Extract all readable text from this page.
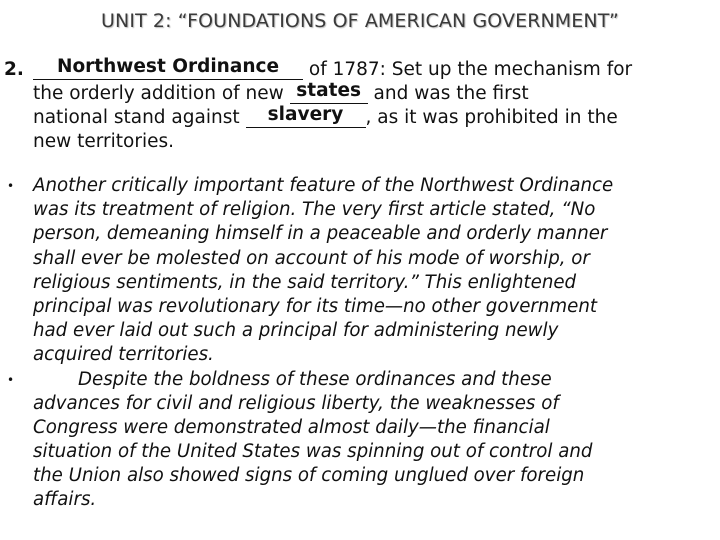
UNIT 2: “FOUNDATIONS OF AMERICAN GOVERNMENT”
2. Northwest Ordinance of 1787: Set up the mechanism for
the orderly addition of new states and was the first
national stand against slavery , as it was prohibited in the
new territories.
• Another critically important feature of the Northwest Ordinance
was its treatment of religion. The very first article stated, “No
person, demeaning himself in a peaceable and orderly manner
shall ever be molested on account of his mode of worship, or
religious sentiments, in the said territory.” This enlightened
principal was revolutionary for its time—no other government
had ever laid out such a principal for administering newly
acquired territories.
•	Despite the boldness of these ordinances and these
advances for civil and religious liberty, the weaknesses of
Congress were demonstrated almost daily—the financial
situation of the United States was spinning out of control and
the Union also showed signs of coming unglued over foreign
affairs.
